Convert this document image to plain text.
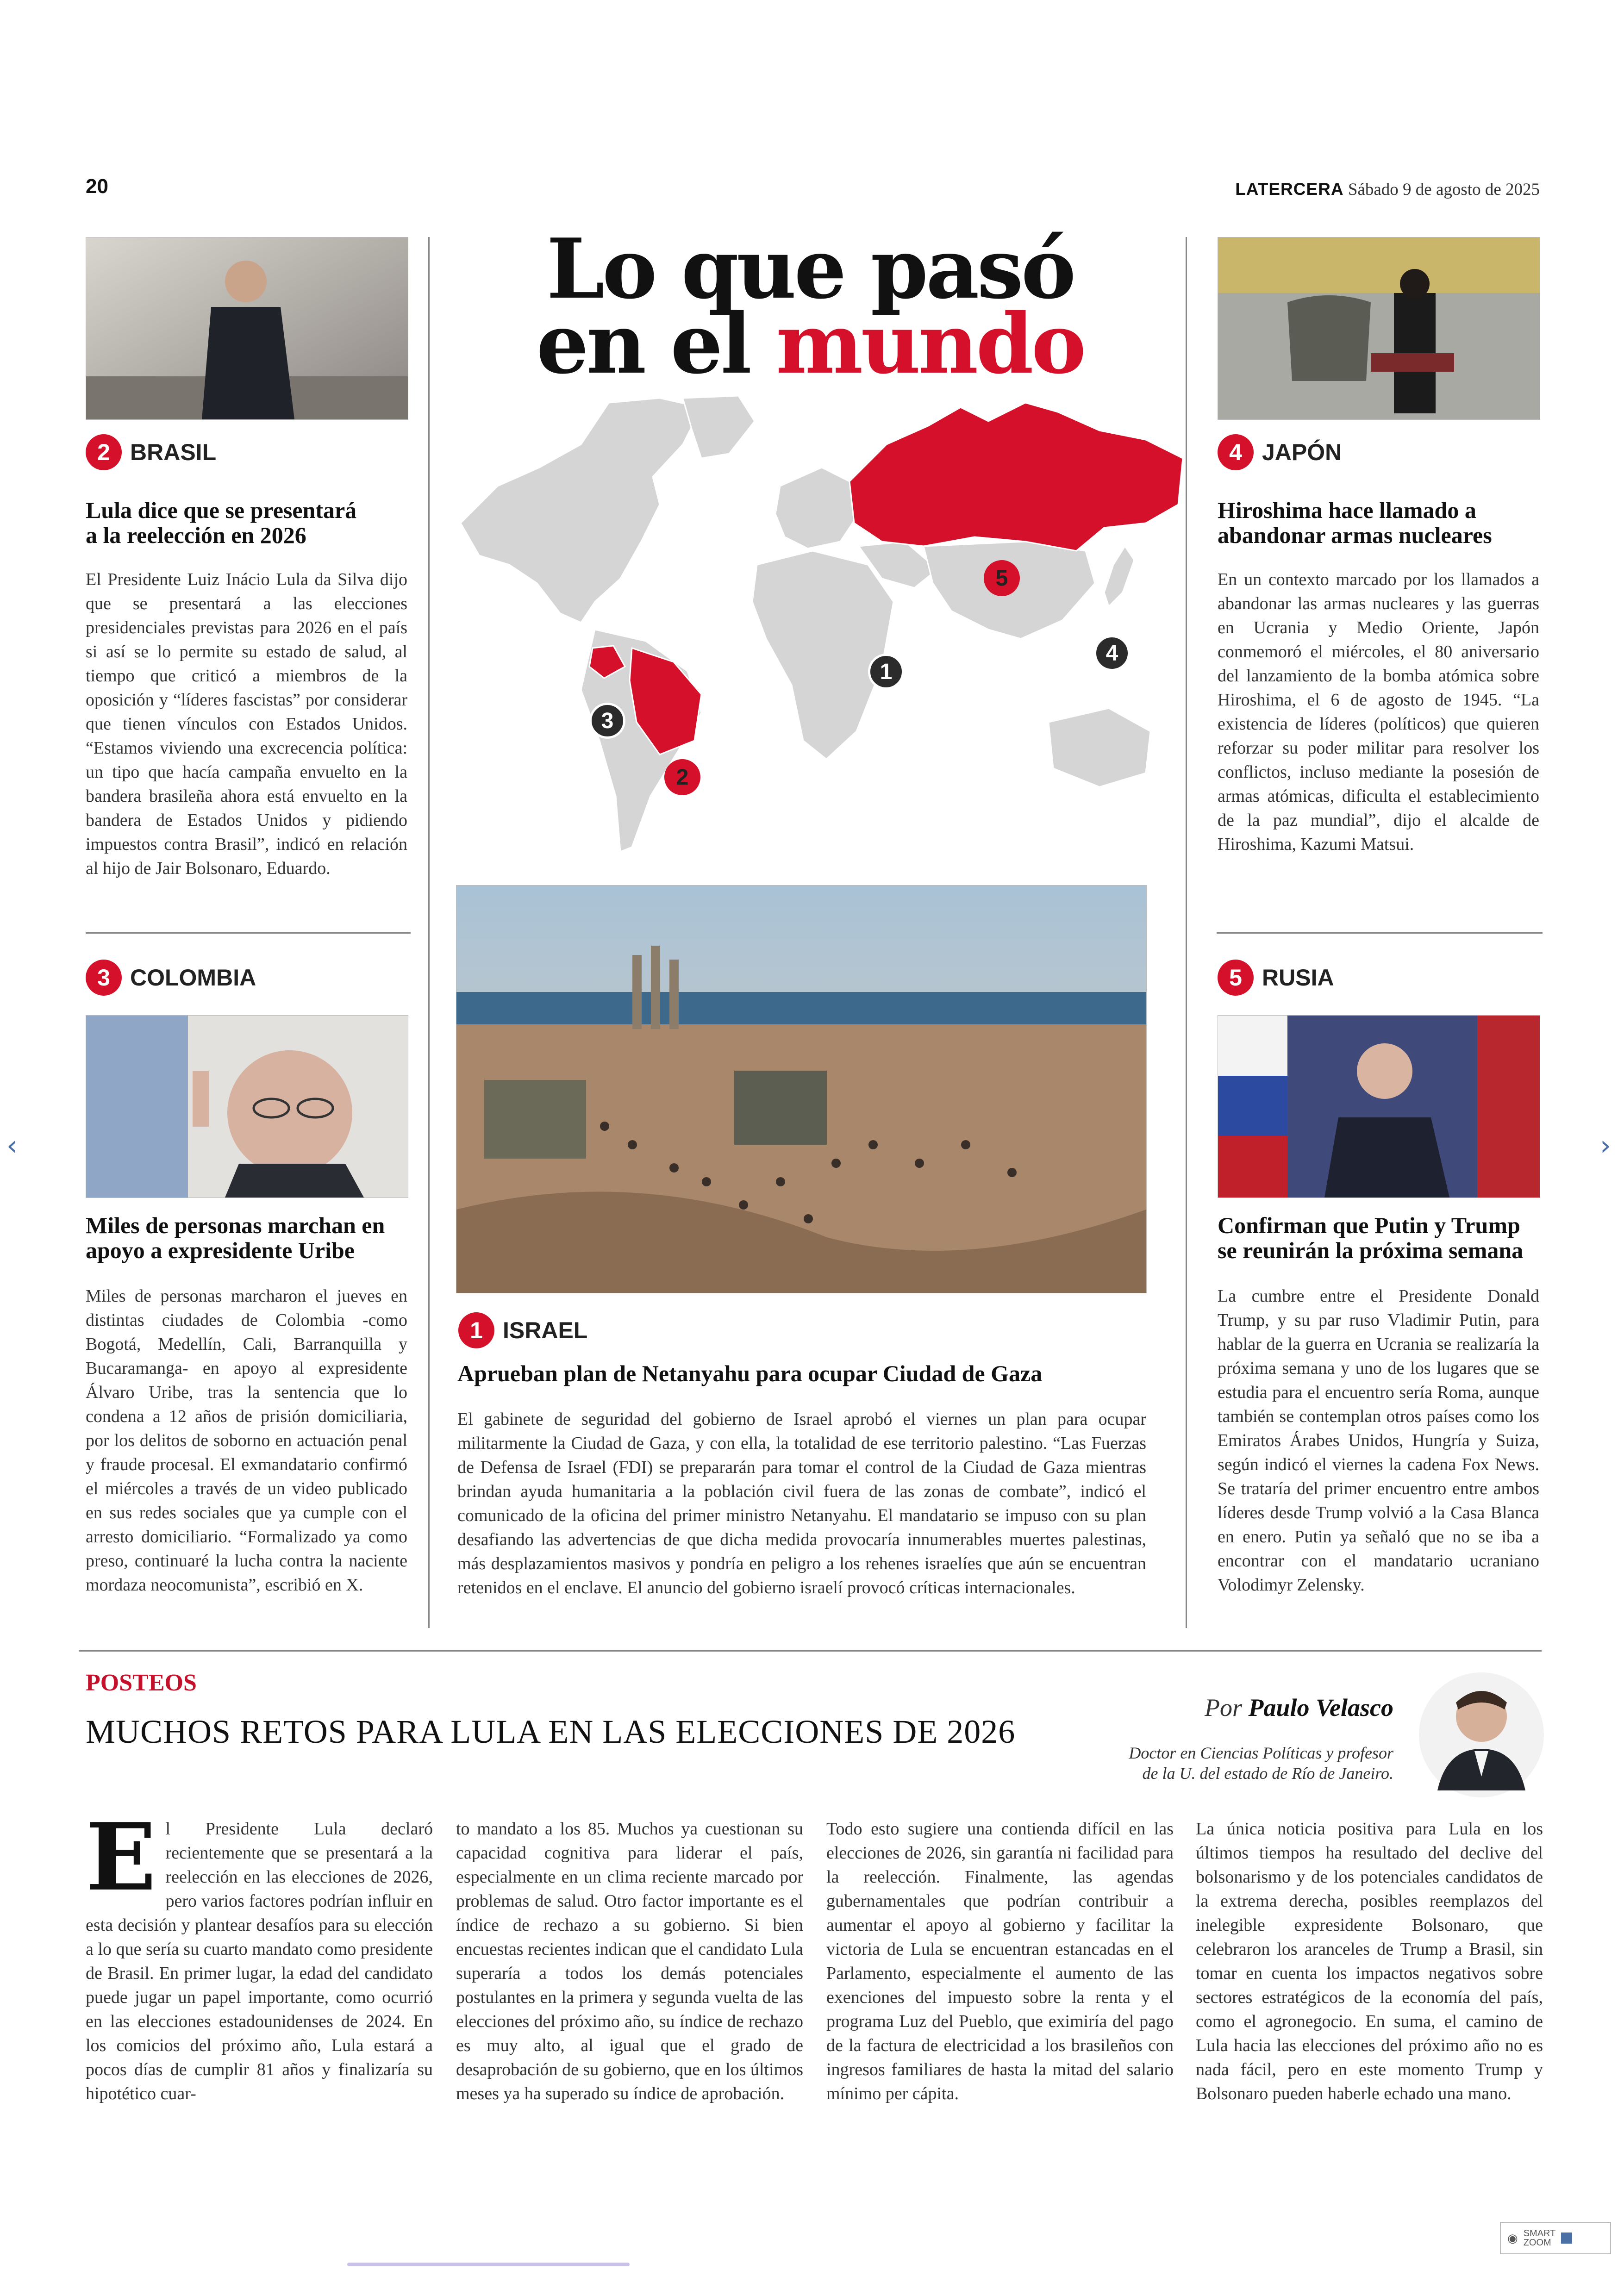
‹	›
20	LATERCERA Sábado 9 de agosto de 2025
Lo que pasó
en el mundo
1
2
3
4
5
2 BRASIL
Lula dice que se presentará
a la reelección en 2026
El Presidente Luiz Inácio Lula da Silva dijo que se presentará a las elecciones presidenciales previstas para 2026 en el país si así se lo permite su estado de salud, al tiempo que criticó a miembros de la oposición y “líderes fascistas” por considerar que tienen vínculos con Estados Unidos. “Estamos viviendo una excrecencia política: un tipo que hacía campaña envuelto en la bandera brasileña ahora está envuelto en la bandera de Estados Unidos y pidiendo impuestos contra Brasil”, indicó en relación al hijo de Jair Bolsonaro, Eduardo.
4 JAPÓN
Hiroshima hace llamado a
abandonar armas nucleares
En un contexto marcado por los llamados a abandonar las armas nucleares y las guerras en Ucrania y Medio Oriente, Japón conmemoró el miércoles, el 80 aniversario del lanzamiento de la bomba atómica sobre Hiroshima, el 6 de agosto de 1945. “La existencia de líderes (políticos) que quieren reforzar su poder militar para resolver los conflictos, incluso mediante la posesión de armas atómicas, dificulta el establecimiento de la paz mundial”, dijo el alcalde de Hiroshima, Kazumi Matsui.
3 COLOMBIA
Miles de personas marchan en
apoyo a expresidente Uribe
Miles de personas marcharon el jueves en distintas ciudades de Colombia -como Bogotá, Medellín, Cali, Barranquilla y Bucaramanga- en apoyo al expresidente Álvaro Uribe, tras la sentencia que lo condena a 12 años de prisión domiciliaria, por los delitos de soborno en actuación penal y fraude procesal. El exmandatario confirmó el miércoles a través de un video publicado en sus redes sociales que ya cumple con el arresto domiciliario. “Formalizado ya como preso, continuaré la lucha contra la naciente mordaza neocomunista”, escribió en X.
1 ISRAEL
Aprueban plan de Netanyahu para ocupar Ciudad de Gaza
El gabinete de seguridad del gobierno de Israel aprobó el viernes un plan para ocupar militarmente la Ciudad de Gaza, y con ella, la totalidad de ese territorio palestino. “Las Fuerzas de Defensa de Israel (FDI) se prepararán para tomar el control de la Ciudad de Gaza mientras brindan ayuda humanitaria a la población civil fuera de las zonas de combate”, indicó el comunicado de la oficina del primer ministro Netanyahu. El mandatario se impuso con su plan desafiando las advertencias de que dicha medida provocaría innumerables muertes palestinas, más desplazamientos masivos y pondría en peligro a los rehenes israelíes que aún se encuentran retenidos en el enclave. El anuncio del gobierno israelí provocó críticas internacionales.
5 RUSIA
Confirman que Putin y Trump
se reunirán la próxima semana
La cumbre entre el Presidente Donald Trump, y su par ruso Vladimir Putin, para hablar de la guerra en Ucrania se realizaría la próxima semana y uno de los lugares que se estudia para el encuentro sería Roma, aunque también se contemplan otros países como los Emiratos Árabes Unidos, Hungría y Suiza, según indicó el viernes la cadena Fox News. Se trataría del primer encuentro entre ambos líderes desde Trump volvió a la Casa Blanca en enero. Putin ya señaló que no se iba a encontrar con el mandatario ucraniano Volodimyr Zelensky.
POSTEOS
MUCHOS RETOS PARA LULA EN LAS ELECCIONES DE 2026
Por Paulo Velasco
Doctor en Ciencias Políticas y profesor
de la U. del estado de Río de Janeiro.
El Presidente Lula declaró recientemente que se presentará a la reelección en las elecciones de 2026, pero varios factores podrían influir en esta decisión y plantear desafíos para su elección a lo que sería su cuarto mandato como presidente de Brasil. En primer lugar, la edad del candidato puede jugar un papel importante, como ocurrió en las elecciones estadounidenses de 2024. En los comicios del próximo año, Lula estará a pocos días de cumplir 81 años y finalizaría su hipotético cuar-
to mandato a los 85. Muchos ya cuestionan su capacidad cognitiva para liderar el país, especialmente en un clima reciente marcado por problemas de salud. Otro factor importante es el índice de rechazo a su gobierno. Si bien encuestas recientes indican que el candidato Lula superaría a todos los demás potenciales postulantes en la primera y segunda vuelta de las elecciones del próximo año, su índice de rechazo es muy alto, al igual que el grado de desaprobación de su gobierno, que en los últimos meses ya ha superado su índice de aprobación.
Todo esto sugiere una contienda difícil en las elecciones de 2026, sin garantía ni facilidad para la reelección. Finalmente, las agendas gubernamentales que podrían contribuir a aumentar el apoyo al gobierno y facilitar la victoria de Lula se encuentran estancadas en el Parlamento, especialmente el aumento de las exenciones del impuesto sobre la renta y el programa Luz del Pueblo, que eximiría del pago de la factura de electricidad a los brasileños con ingresos familiares de hasta la mitad del salario mínimo per cápita.
La única noticia positiva para Lula en los últimos tiempos ha resultado del declive del bolsonarismo y de los potenciales candidatos de la extrema derecha, posibles reemplazos del inelegible expresidente Bolsonaro, que celebraron los aranceles de Trump a Brasil, sin tomar en cuenta los impactos negativos sobre sectores estratégicos de la economía del país, como el agronegocio. En suma, el camino de Lula hacia las elecciones del próximo año no es nada fácil, pero en este momento Trump y Bolsonaro pueden haberle echado una mano.
◉ SMART
ZOOM
